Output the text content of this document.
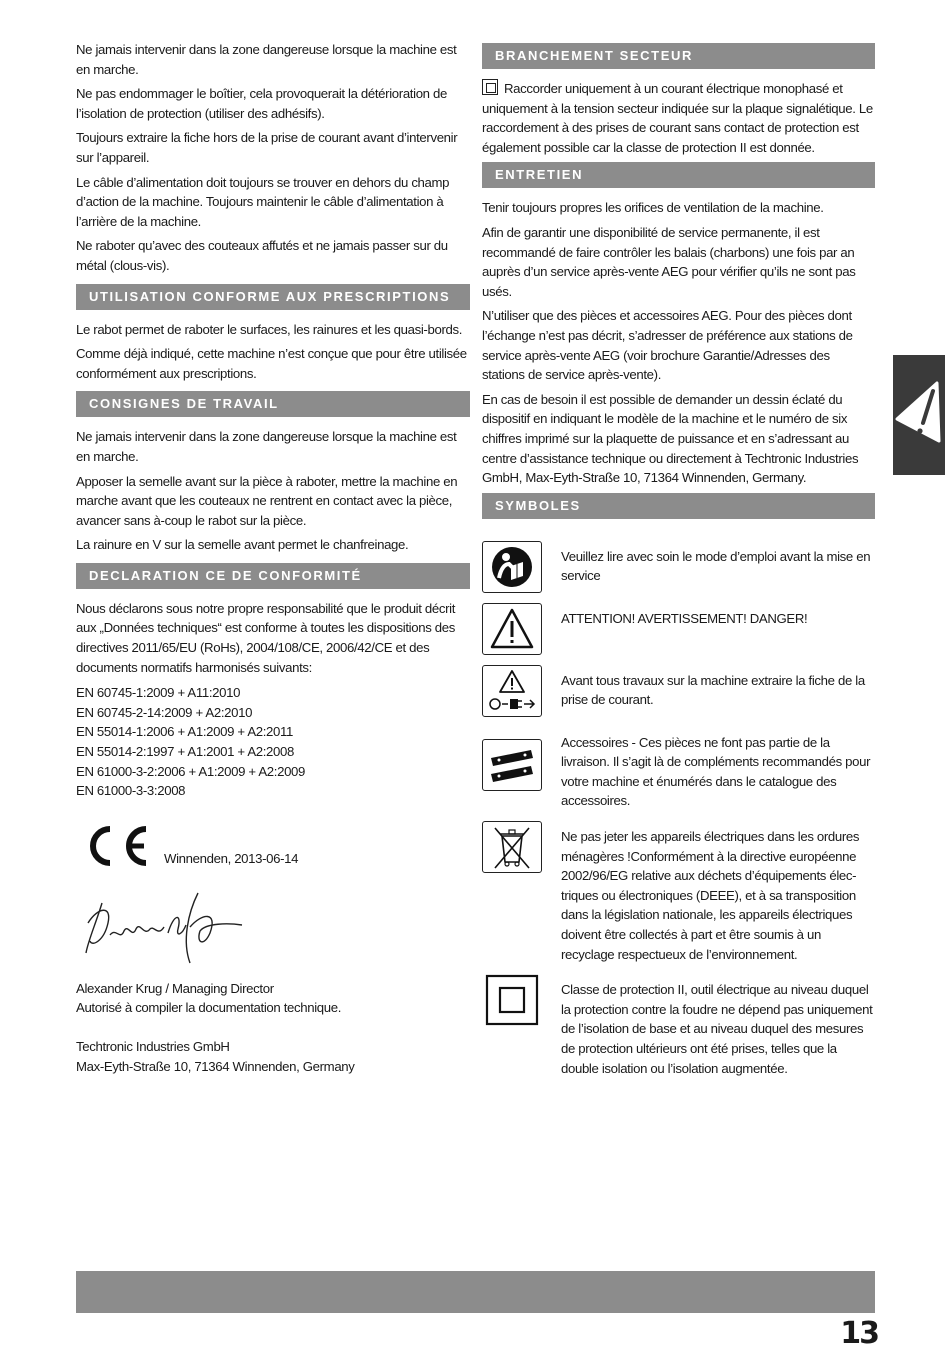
Ne jamais intervenir dans la zone dangereuse lorsque la machine est en marche.

Ne pas endommager le boîtier, cela provoquerait la détérioration de l’isolation de protection (utiliser des adhésifs).

Toujours extraire la fiche hors de la prise de courant avant d’intervenir sur l’appareil.

Le câble d’alimentation doit toujours se trouver en dehors du champ d’action de la machine. Toujours maintenir le câble d’alimentation à l’arrière de la machine.

Ne raboter qu’avec des couteaux affutés et ne jamais passer sur du métal (clous-vis).

UTILISATION CONFORME AUX PRESCRIPTIONS

Le rabot permet de raboter le surfaces, les rainures et les quasi-bords.

Comme déjà indiqué, cette machine n’est conçue que pour être utilisée conformément aux prescriptions.

CONSIGNES DE TRAVAIL

Ne jamais intervenir dans la zone dangereuse lorsque la machine est en marche.

Apposer la semelle avant sur la pièce à raboter, mettre la machine en marche avant que les couteaux ne rentrent en contact avec la pièce, avancer sans à-coup le rabot sur la pièce.

La rainure en V sur la semelle avant permet le chanfreinage.

DECLARATION CE DE CONFORMITÉ

Nous déclarons sous notre propre responsabilité que le produit décrit aux „Données techniques“ est conforme à toutes les dispositions des directives 2011/65/EU (RoHs), 2004/108/CE, 2006/42/CE et des documents normatifs harmonisés suivants:

EN 60745-1:2009 + A11:2010
EN 60745-2-14:2009 + A2:2010
EN 55014-1:2006 + A1:2009 + A2:2011
EN 55014-2:1997 + A1:2001 + A2:2008
EN 61000-3-2:2006 + A1:2009 + A2:2009
EN 61000-3-3:2008
Winnenden, 2013-06-14
Alexander Krug / Managing Director
Autorisé à compiler la documentation technique.
Techtronic Industries GmbH
Max-Eyth-Straße 10, 71364 Winnenden, Germany
BRANCHEMENT SECTEUR

Raccorder uniquement à un courant électrique monophasé et uniquement à la tension secteur indiquée sur la plaque signalétique. Le raccordement à des prises de courant sans contact de protection est également possible car la classe de protection II est donnée.

ENTRETIEN

Tenir toujours propres les orifices de ventilation de la machine.

Afin de garantir une disponibilité de service permanente, il est recommandé de faire contrôler les balais (charbons) une fois par an auprès d’un service après-vente AEG pour vérifier qu’ils ne sont pas usés.

N’utiliser que des pièces et accessoires AEG. Pour des pièces dont l’échange n’est pas décrit, s’adresser de préférence aux stations de service après-vente AEG (voir brochure Garantie/Adresses des stations de service après-vente).

En cas de besoin il est possible de demander un dessin éclaté du dispositif en indiquant le modèle de la machine et le numéro de six chiffres imprimé sur la plaquette de puissance et en s’adressant au centre d’assistance technique ou directement à Techtronic Industries GmbH, Max-Eyth-Straße 10, 71364 Winnenden, Germany.

SYMBOLES
Veuillez lire avec soin le mode d’emploi avant la mise en service
ATTENTION! AVERTISSEMENT! DANGER!
Avant tous travaux sur la machine extraire la fiche de la prise de courant.
Accessoires - Ces pièces ne font pas partie de la livraison. Il s’agit là de compléments recommandés pour votre machine et énumérés dans le catalogue des accessoires.
Ne pas jeter les appareils électriques dans les ordures ménagères !Conformément à la directive européenne 2002/96/EG relative aux déchets d’équipements élec-triques ou électroniques (DEEE), et à sa transposition dans la législation nationale, les appareils électriques doivent être collectés à part et être soumis à un recyclage respectueux de l’environnement.
Classe de protection II, outil électrique au niveau duquel la protection contre la foudre ne dépend pas uniquement de l’isolation de base et au niveau duquel des mesures de protection ultérieurs ont été prises, telles que la double isolation ou l’isolation augmentée.
13
